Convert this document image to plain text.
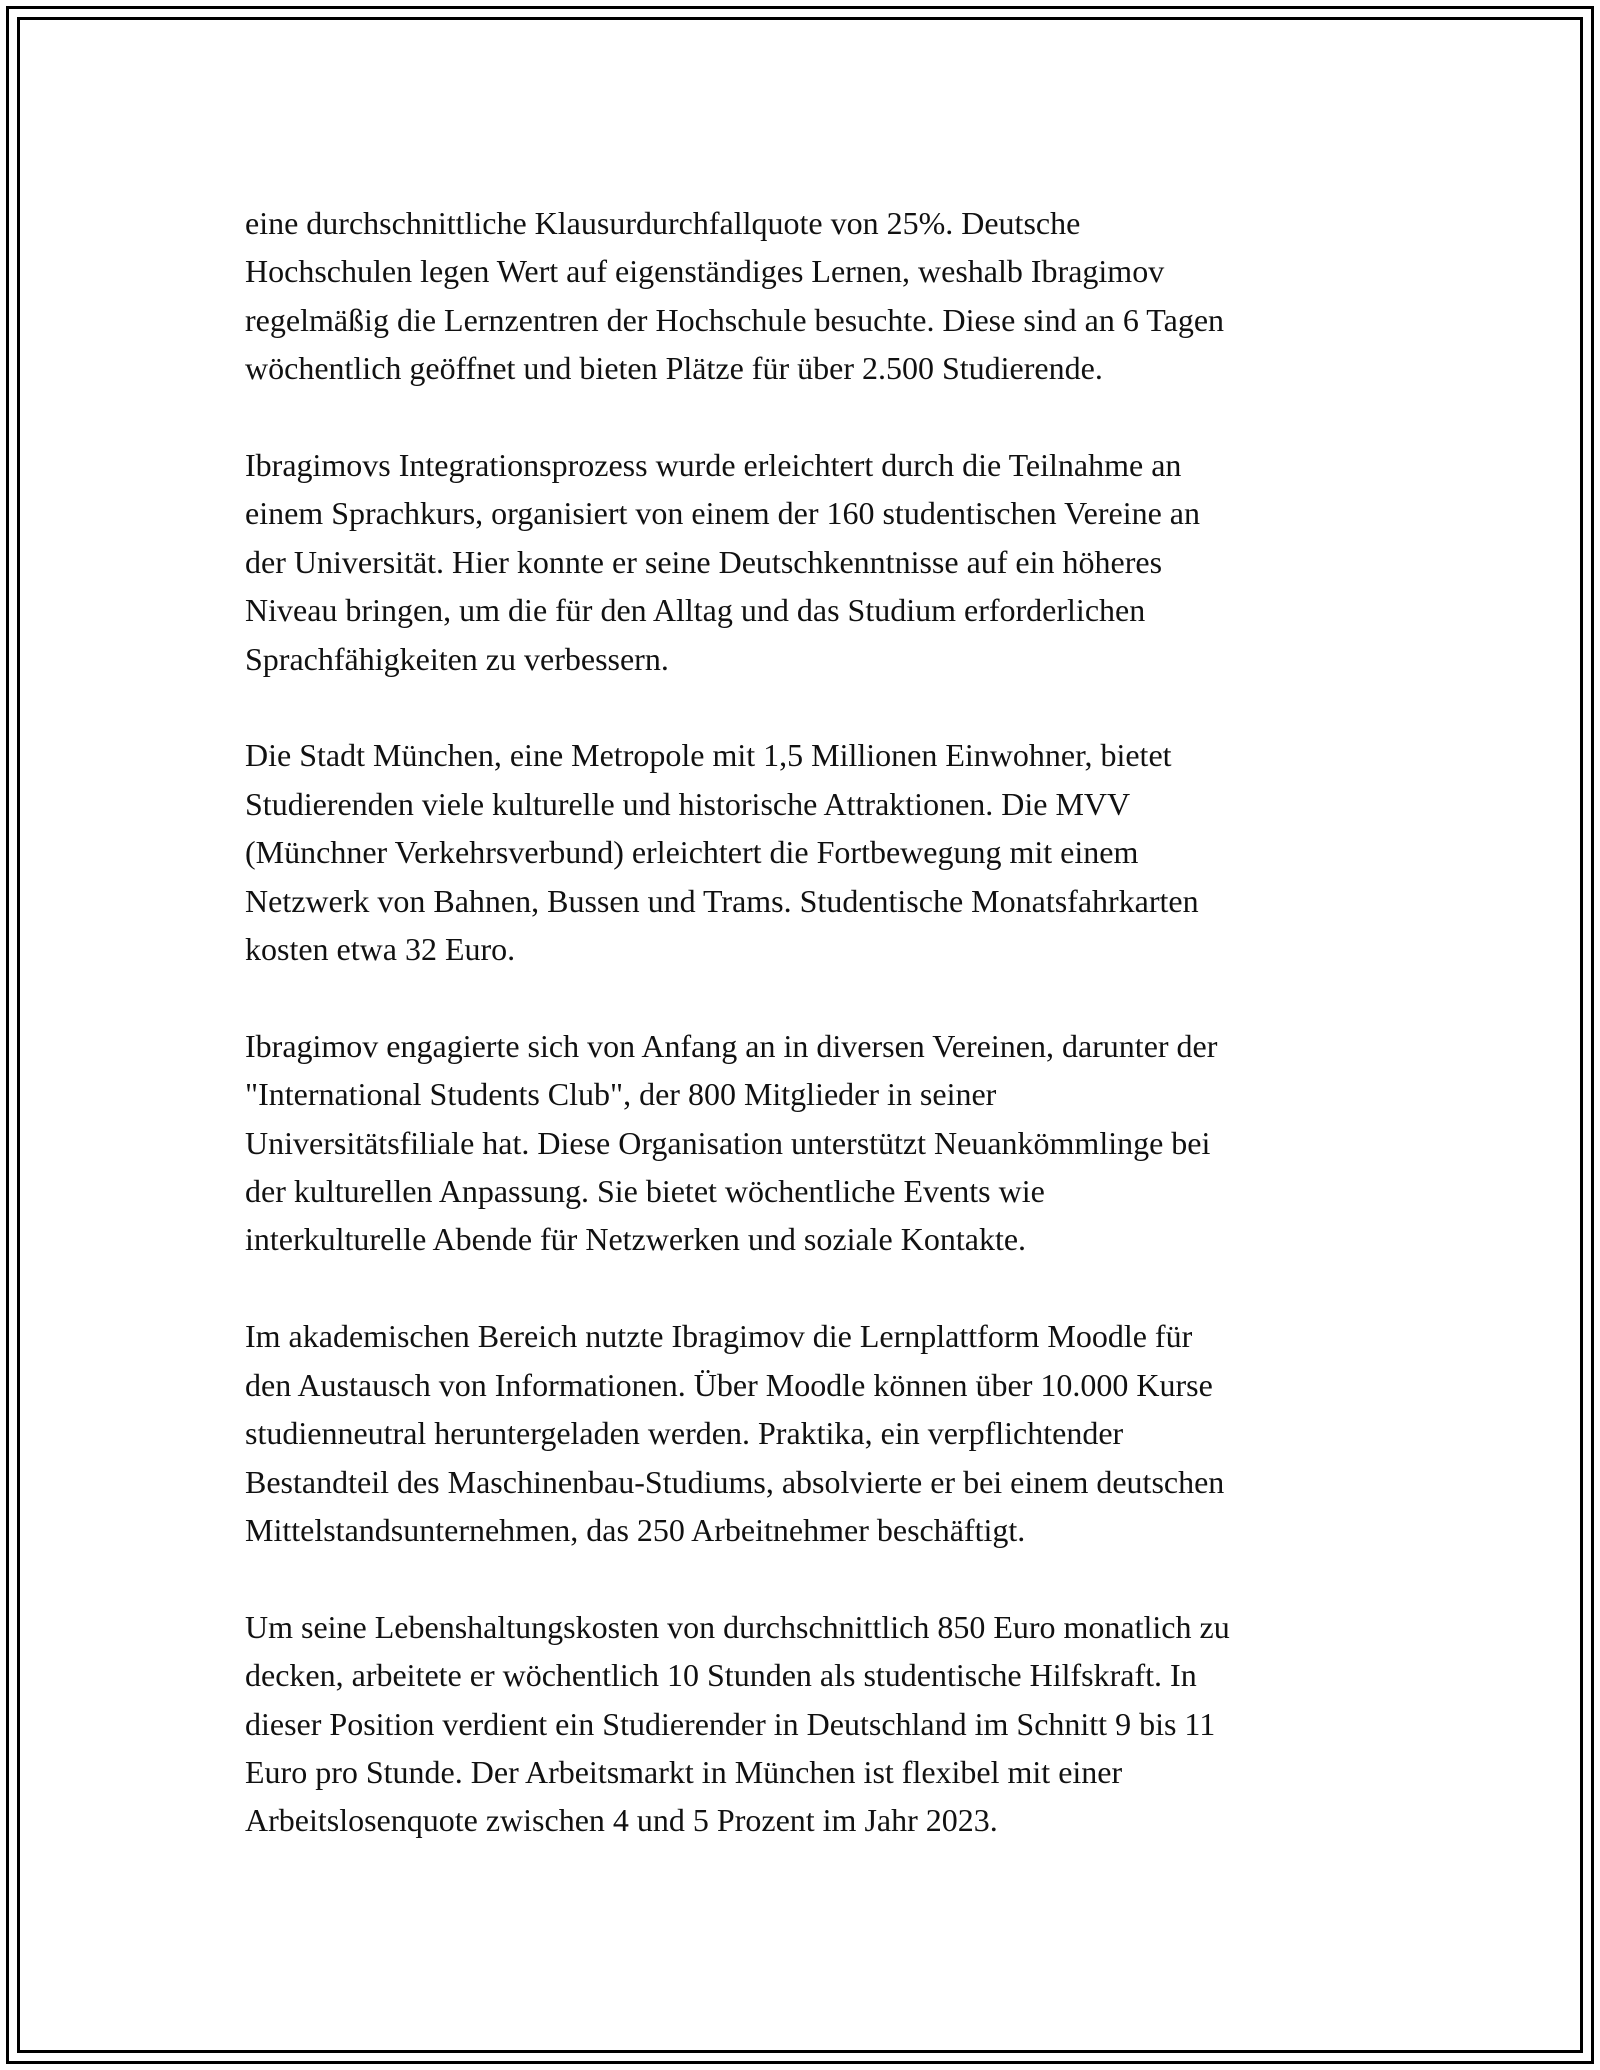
eine durchschnittliche Klausurdurchfallquote von 25%. Deutsche
Hochschulen legen Wert auf eigenständiges Lernen, weshalb Ibragimov
regelmäßig die Lernzentren der Hochschule besuchte. Diese sind an 6 Tagen
wöchentlich geöffnet und bieten Plätze für über 2.500 Studierende.

Ibragimovs Integrationsprozess wurde erleichtert durch die Teilnahme an
einem Sprachkurs, organisiert von einem der 160 studentischen Vereine an
der Universität. Hier konnte er seine Deutschkenntnisse auf ein höheres
Niveau bringen, um die für den Alltag und das Studium erforderlichen
Sprachfähigkeiten zu verbessern.

Die Stadt München, eine Metropole mit 1,5 Millionen Einwohner, bietet
Studierenden viele kulturelle und historische Attraktionen. Die MVV
(Münchner Verkehrsverbund) erleichtert die Fortbewegung mit einem
Netzwerk von Bahnen, Bussen und Trams. Studentische Monatsfahrkarten
kosten etwa 32 Euro.

Ibragimov engagierte sich von Anfang an in diversen Vereinen, darunter der
"International Students Club", der 800 Mitglieder in seiner
Universitätsfiliale hat. Diese Organisation unterstützt Neuankömmlinge bei
der kulturellen Anpassung. Sie bietet wöchentliche Events wie
interkulturelle Abende für Netzwerken und soziale Kontakte.

Im akademischen Bereich nutzte Ibragimov die Lernplattform Moodle für
den Austausch von Informationen. Über Moodle können über 10.000 Kurse
studienneutral heruntergeladen werden. Praktika, ein verpflichtender
Bestandteil des Maschinenbau-Studiums, absolvierte er bei einem deutschen
Mittelstandsunternehmen, das 250 Arbeitnehmer beschäftigt.

Um seine Lebenshaltungskosten von durchschnittlich 850 Euro monatlich zu
decken, arbeitete er wöchentlich 10 Stunden als studentische Hilfskraft. In
dieser Position verdient ein Studierender in Deutschland im Schnitt 9 bis 11
Euro pro Stunde. Der Arbeitsmarkt in München ist flexibel mit einer
Arbeitslosenquote zwischen 4 und 5 Prozent im Jahr 2023.
